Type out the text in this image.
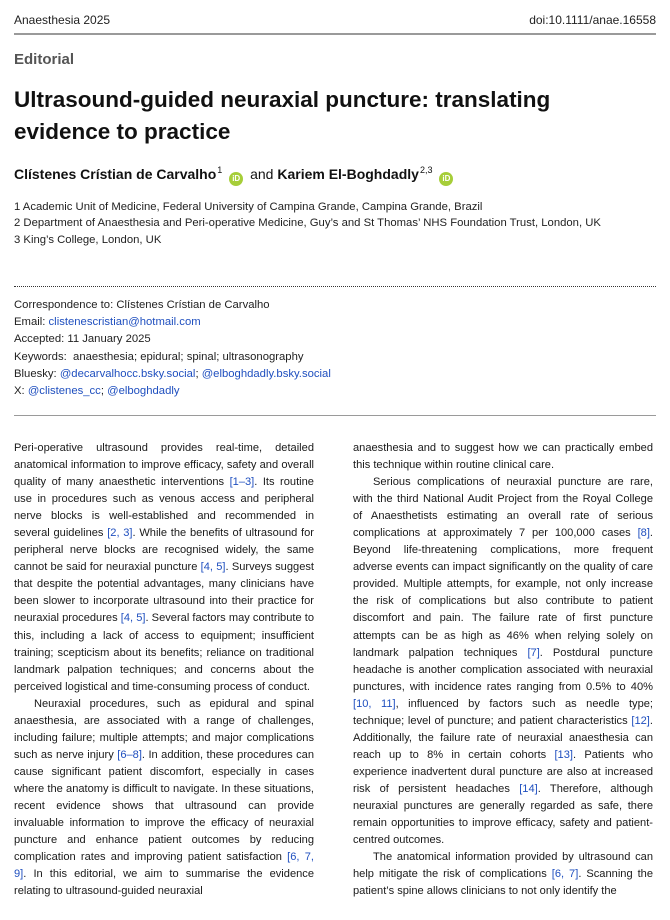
Anaesthesia 2025	doi:10.1111/anae.16558
Editorial
Ultrasound-guided neuraxial puncture: translating evidence to practice
Clístenes Crístian de Carvalho$^1$ iD and Kariem El-Boghdadly$^{2,3}$ iD
1 Academic Unit of Medicine, Federal University of Campina Grande, Campina Grande, Brazil
2 Department of Anaesthesia and Peri-operative Medicine, Guy’s and St Thomas’ NHS Foundation Trust, London, UK
3 King’s College, London, UK
Correspondence to: Clístenes Crístian de Carvalho
Email: clistenescristian@hotmail.com
Accepted: 11 January 2025
Keywords: anaesthesia; epidural; spinal; ultrasonography
Bluesky: @decarvalhocc.bsky.social; @elboghdadly.bsky.social
X: @clistenes_cc; @elboghdadly

Peri-operative ultrasound provides real-time, detailed anatomical information to improve efficacy, safety and overall quality of many anaesthetic interventions [1–3]. Its routine use in procedures such as venous access and peripheral nerve blocks is well-established and recommended in several guidelines [2, 3]. While the benefits of ultrasound for peripheral nerve blocks are recognised widely, the same cannot be said for neuraxial puncture [4, 5]. Surveys suggest that despite the potential advantages, many clinicians have been slower to incorporate ultrasound into their practice for neuraxial procedures [4, 5]. Several factors may contribute to this, including a lack of access to equipment; insufficient training; scepticism about its benefits; reliance on traditional landmark palpation techniques; and concerns about the perceived logistical and time-consuming process of conduct.

Neuraxial procedures, such as epidural and spinal anaesthesia, are associated with a range of challenges, including failure; multiple attempts; and major complications such as nerve injury [6–8]. In addition, these procedures can cause significant patient discomfort, especially in cases where the anatomy is difficult to navigate. In these situations, recent evidence shows that ultrasound can provide invaluable information to improve the efficacy of neuraxial puncture and enhance patient outcomes by reducing complication rates and improving patient satisfaction [6, 7, 9]. In this editorial, we aim to summarise the evidence relating to ultrasound-guided neuraxial

anaesthesia and to suggest how we can practically embed this technique within routine clinical care.

Serious complications of neuraxial puncture are rare, with the third National Audit Project from the Royal College of Anaesthetists estimating an overall rate of serious complications at approximately 7 per 100,000 cases [8]. Beyond life-threatening complications, more frequent adverse events can impact significantly on the quality of care provided. Multiple attempts, for example, not only increase the risk of complications but also contribute to patient discomfort and pain. The failure rate of first puncture attempts can be as high as 46% when relying solely on landmark palpation techniques [7]. Postdural puncture headache is another complication associated with neuraxial punctures, with incidence rates ranging from 0.5% to 40% [10, 11], influenced by factors such as needle type; technique; level of puncture; and patient characteristics [12]. Additionally, the failure rate of neuraxial anaesthesia can reach up to 8% in certain cohorts [13]. Patients who experience inadvertent dural puncture are also at increased risk of persistent headaches [14]. Therefore, although neuraxial punctures are generally regarded as safe, there remain opportunities to improve efficacy, safety and patient-centred outcomes.

The anatomical information provided by ultrasound can help mitigate the risk of complications [6, 7]. Scanning the patient’s spine allows clinicians to not only identify the
